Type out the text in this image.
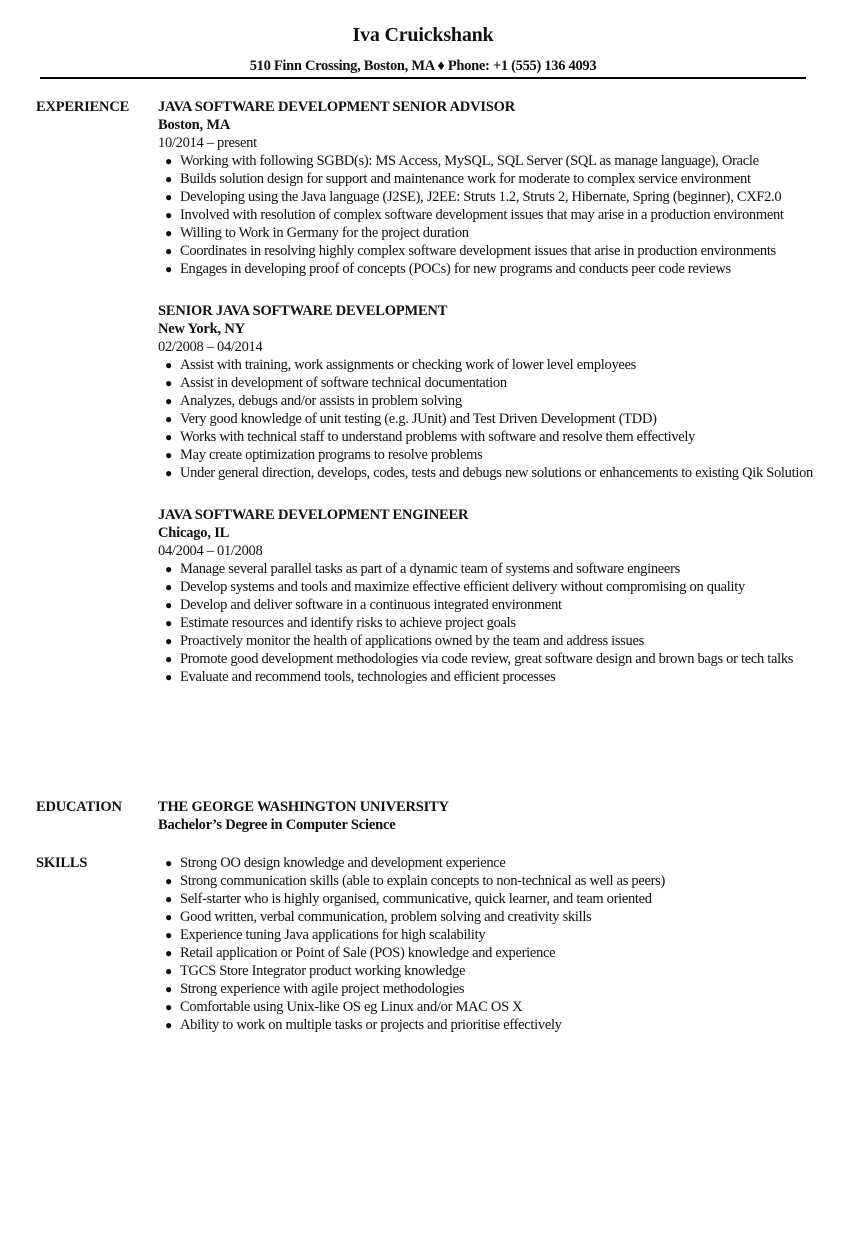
Iva Cruickshank
510 Finn Crossing, Boston, MA ♦ Phone: +1 (555) 136 4093
EXPERIENCE JAVA SOFTWARE DEVELOPMENT SENIOR ADVISOR
Boston, MA
10/2014 – present
● Working with following SGBD(s): MS Access, MySQL, SQL Server (SQL as manage language), Oracle
● Builds solution design for support and maintenance work for moderate to complex service environment
● Developing using the Java language (J2SE), J2EE: Struts 1.2, Struts 2, Hibernate, Spring (beginner), CXF2.0
● Involved with resolution of complex software development issues that may arise in a production environment
● Willing to Work in Germany for the project duration
● Coordinates in resolving highly complex software development issues that arise in production environments
● Engages in developing proof of concepts (POCs) for new programs and conducts peer code reviews
SENIOR JAVA SOFTWARE DEVELOPMENT
New York, NY
02/2008 – 04/2014
● Assist with training, work assignments or checking work of lower level employees
● Assist in development of software technical documentation
● Analyzes, debugs and/or assists in problem solving
● Very good knowledge of unit testing (e.g. JUnit) and Test Driven Development (TDD)
● Works with technical staff to understand problems with software and resolve them effectively
● May create optimization programs to resolve problems
● Under general direction, develops, codes, tests and debugs new solutions or enhancements to existing Qik Solution
JAVA SOFTWARE DEVELOPMENT ENGINEER
Chicago, IL
04/2004 – 01/2008
● Manage several parallel tasks as part of a dynamic team of systems and software engineers
● Develop systems and tools and maximize effective efficient delivery without compromising on quality
● Develop and deliver software in a continuous integrated environment
● Estimate resources and identify risks to achieve project goals
● Proactively monitor the health of applications owned by the team and address issues
● Promote good development methodologies via code review, great software design and brown bags or tech talks
● Evaluate and recommend tools, technologies and efficient processes
EDUCATION	THE GEORGE WASHINGTON UNIVERSITY
Bachelor’s Degree in Computer Science
SKILLS	● Strong OO design knowledge and development experience
● Strong communication skills (able to explain concepts to non-technical as well as peers)
● Self-starter who is highly organised, communicative, quick learner, and team oriented
● Good written, verbal communication, problem solving and creativity skills
● Experience tuning Java applications for high scalability
● Retail application or Point of Sale (POS) knowledge and experience
● TGCS Store Integrator product working knowledge
● Strong experience with agile project methodologies
● Comfortable using Unix-like OS eg Linux and/or MAC OS X
● Ability to work on multiple tasks or projects and prioritise effectively
